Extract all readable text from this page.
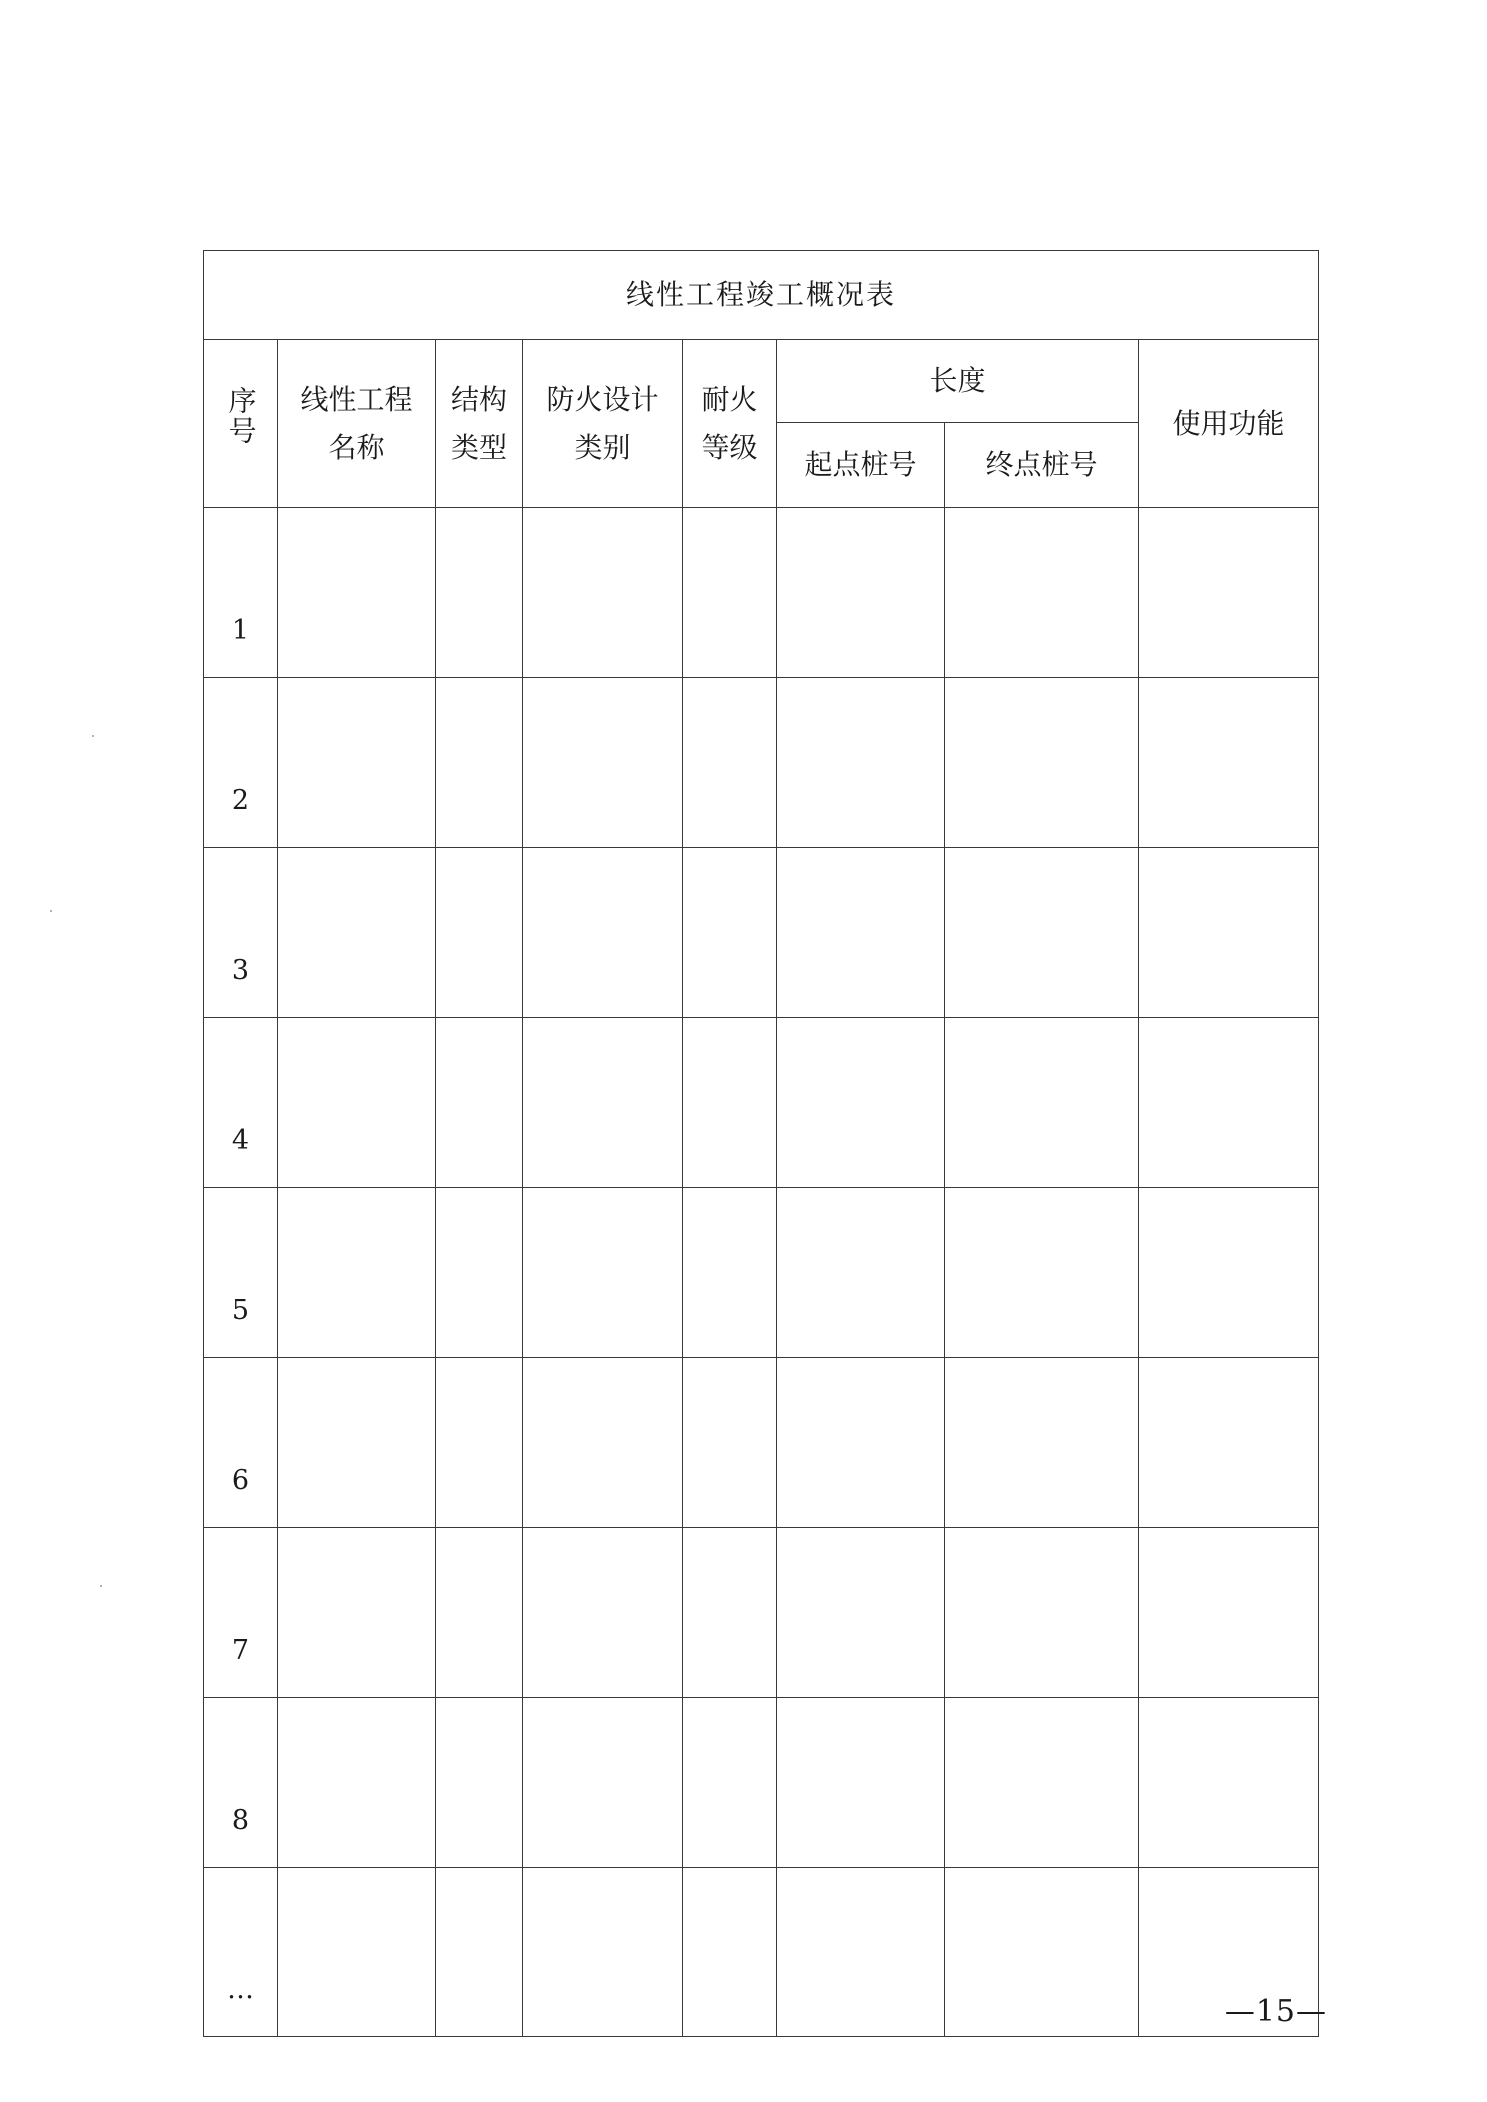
线性工程竣工概况表							
序号	线性工程名称	结构类型	防火设计类别	耐火等级	长度		使用功能
					起点桩号	终点桩号	
1							
2							
3							
4							
5							
6							
7							
8							
…							
—15—
